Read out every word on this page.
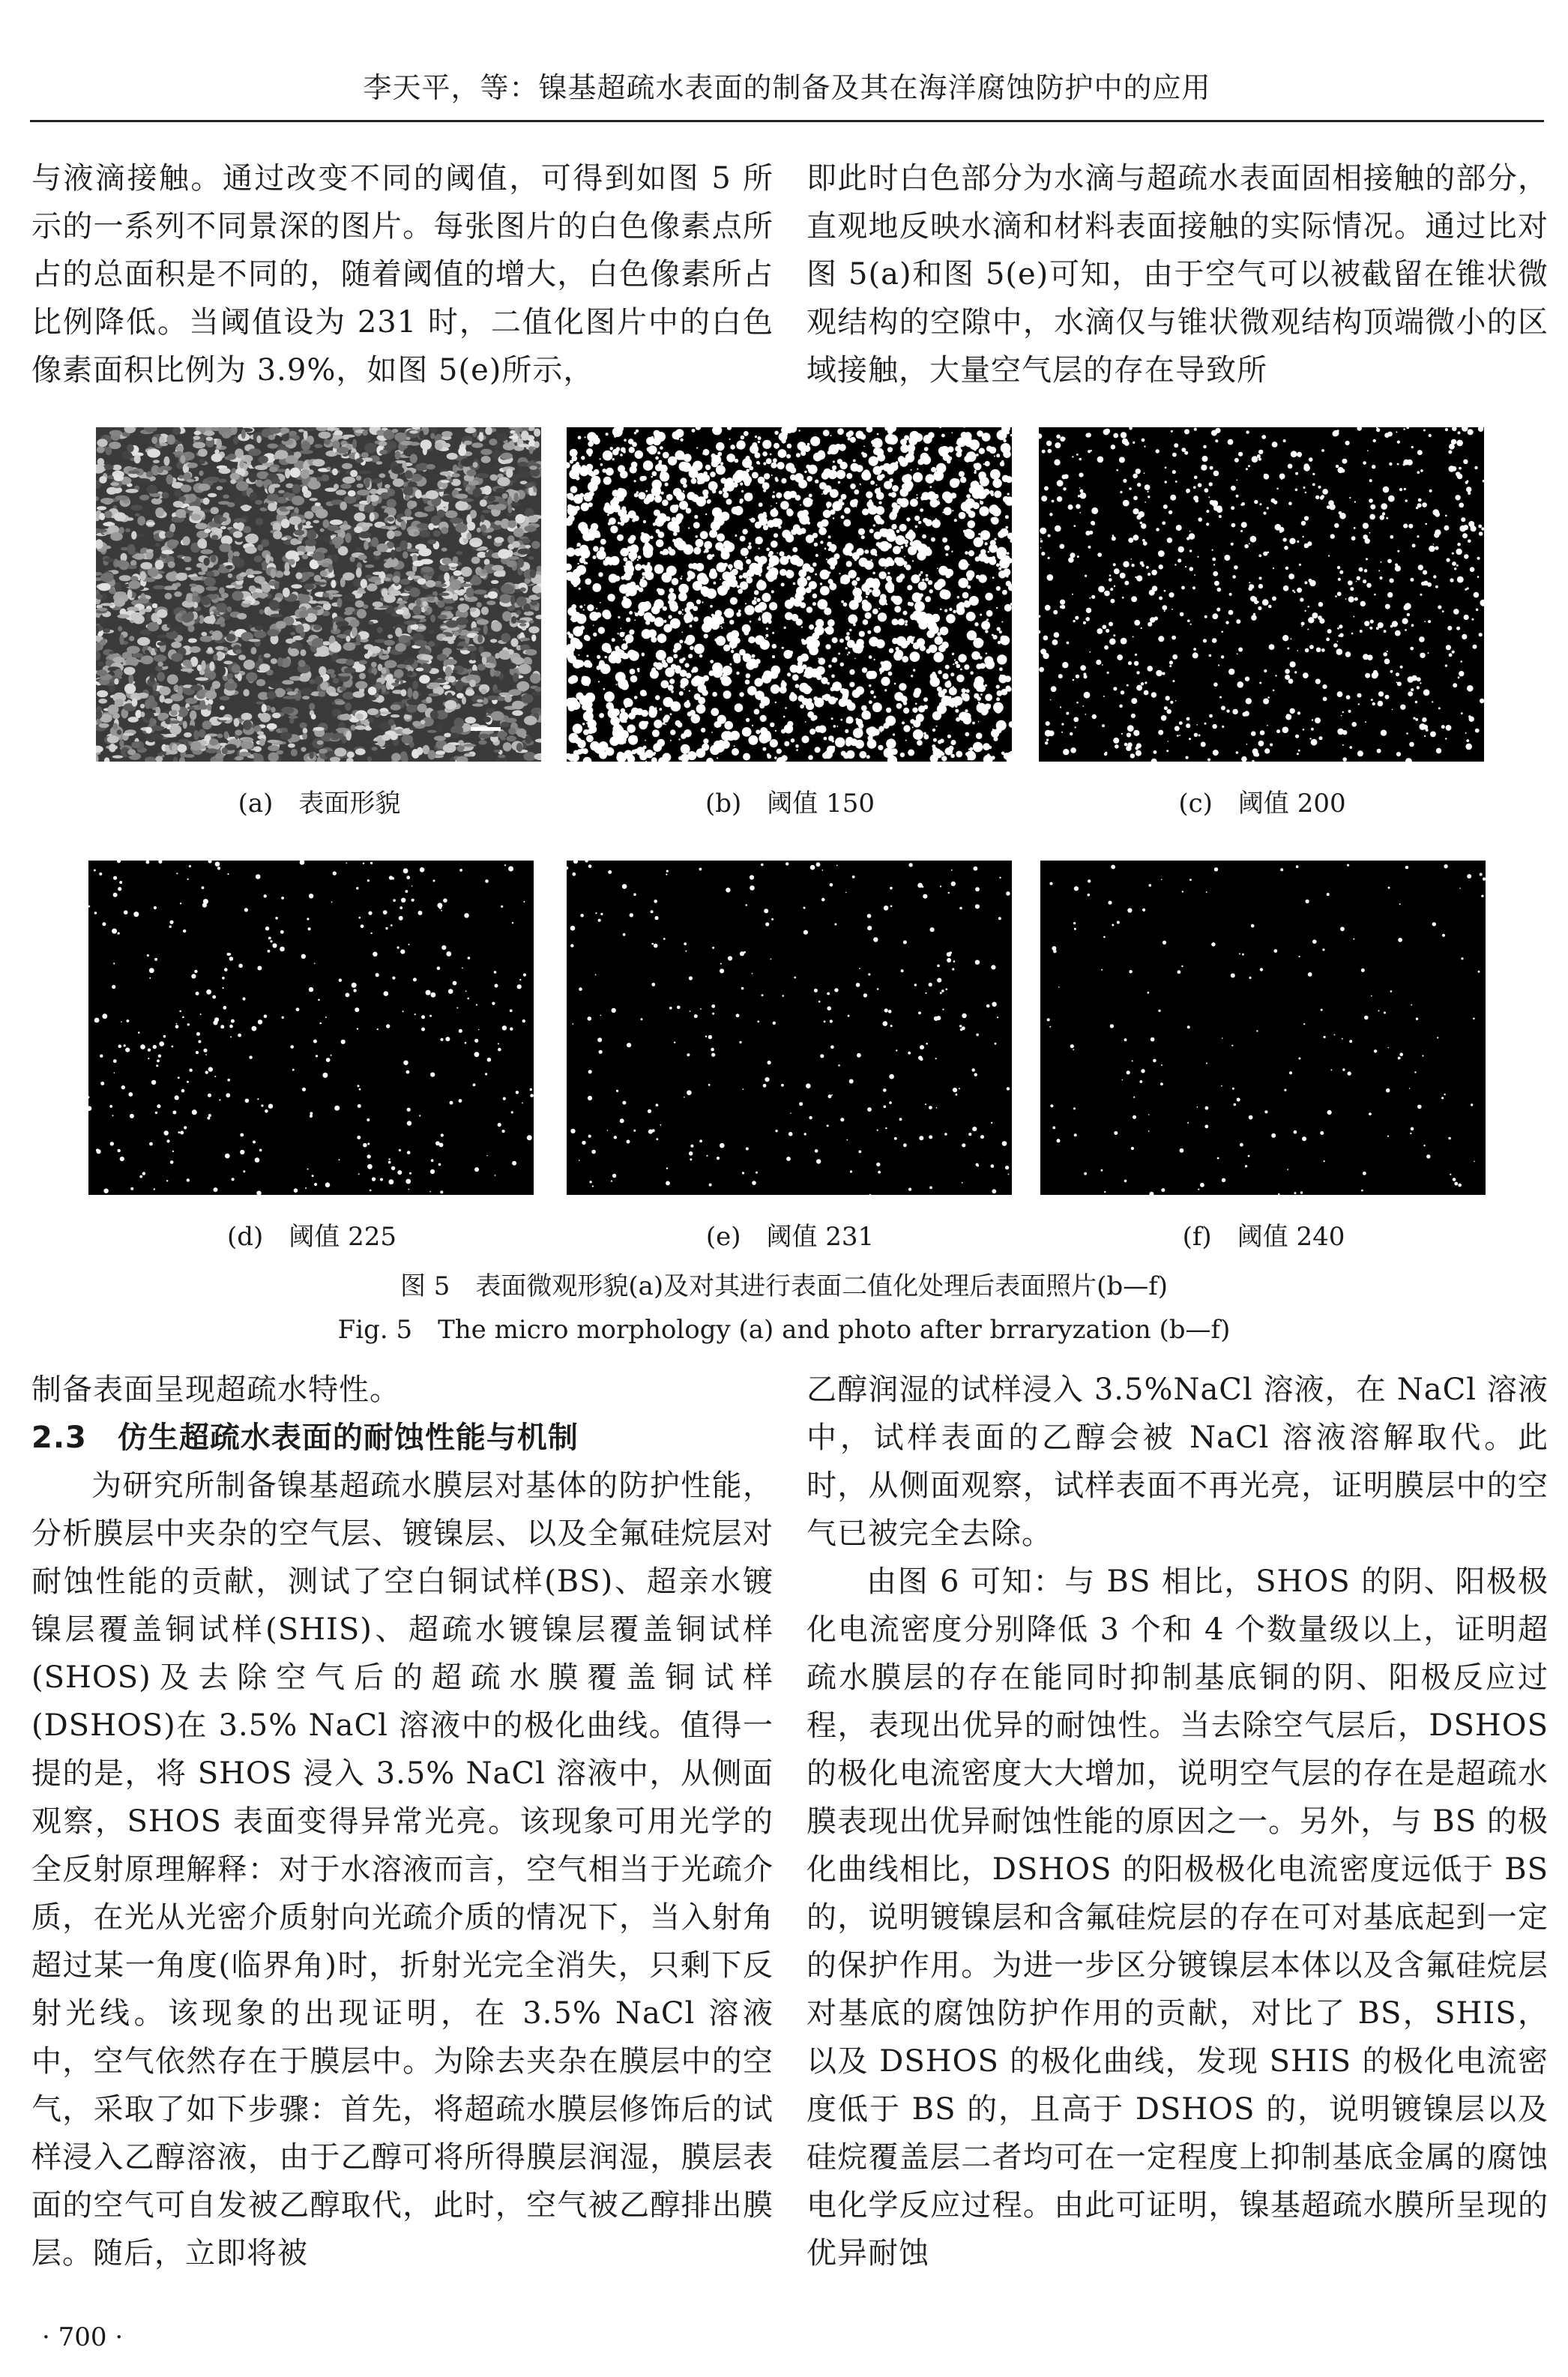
李天平，等：镍基超疏水表面的制备及其在海洋腐蚀防护中的应用

与液滴接触。通过改变不同的阈值，可得到如图 5 所示的一系列不同景深的图片。每张图片的白色像素点所占的总面积是不同的，随着阈值的增大，白色像素所占比例降低。当阈值设为 231 时，二值化图片中的白色像素面积比例为 3.9%，如图 5(e)所示，

即此时白色部分为水滴与超疏水表面固相接触的部分，直观地反映水滴和材料表面接触的实际情况。通过比对图 5(a)和图 5(e)可知，由于空气可以被截留在锥状微观结构的空隙中，水滴仅与锥状微观结构顶端微小的区域接触，大量空气层的存在导致所

(a)　表面形貌	(b)　阈值 150	(c)　阈值 200
(d)　阈值 225	(e)　阈值 231	(f)　阈值 240
图 5　表面微观形貌(a)及对其进行表面二值化处理后表面照片(b—f)
Fig. 5　The micro morphology (a) and photo after brraryzation (b—f)

制备表面呈现超疏水特性。

2.3　仿生超疏水表面的耐蚀性能与机制

为研究所制备镍基超疏水膜层对基体的防护性能，分析膜层中夹杂的空气层、镀镍层、以及全氟硅烷层对耐蚀性能的贡献，测试了空白铜试样(BS)、超亲水镀镍层覆盖铜试样(SHIS)、超疏水镀镍层覆盖铜试样(SHOS)及去除空气后的超疏水膜覆盖铜试样(DSHOS)在 3.5% NaCl 溶液中的极化曲线。值得一提的是，将 SHOS 浸入 3.5% NaCl 溶液中，从侧面观察，SHOS 表面变得异常光亮。该现象可用光学的全反射原理解释：对于水溶液而言，空气相当于光疏介质，在光从光密介质射向光疏介质的情况下，当入射角超过某一角度(临界角)时，折射光完全消失，只剩下反射光线。该现象的出现证明，在 3.5% NaCl 溶液中，空气依然存在于膜层中。为除去夹杂在膜层中的空气，采取了如下步骤：首先，将超疏水膜层修饰后的试样浸入乙醇溶液，由于乙醇可将所得膜层润湿，膜层表面的空气可自发被乙醇取代，此时，空气被乙醇排出膜层。随后，立即将被

乙醇润湿的试样浸入 3.5%NaCl 溶液，在 NaCl 溶液中，试样表面的乙醇会被 NaCl 溶液溶解取代。此时，从侧面观察，试样表面不再光亮，证明膜层中的空气已被完全去除。

由图 6 可知：与 BS 相比，SHOS 的阴、阳极极化电流密度分别降低 3 个和 4 个数量级以上，证明超疏水膜层的存在能同时抑制基底铜的阴、阳极反应过程，表现出优异的耐蚀性。当去除空气层后，DSHOS 的极化电流密度大大增加，说明空气层的存在是超疏水膜表现出优异耐蚀性能的原因之一。另外，与 BS 的极化曲线相比，DSHOS 的阳极极化电流密度远低于 BS 的，说明镀镍层和含氟硅烷层的存在可对基底起到一定的保护作用。为进一步区分镀镍层本体以及含氟硅烷层对基底的腐蚀防护作用的贡献，对比了 BS，SHIS，以及 DSHOS 的极化曲线，发现 SHIS 的极化电流密度低于 BS 的，且高于 DSHOS 的，说明镀镍层以及硅烷覆盖层二者均可在一定程度上抑制基底金属的腐蚀电化学反应过程。由此可证明，镍基超疏水膜所呈现的优异耐蚀

· 700 ·
